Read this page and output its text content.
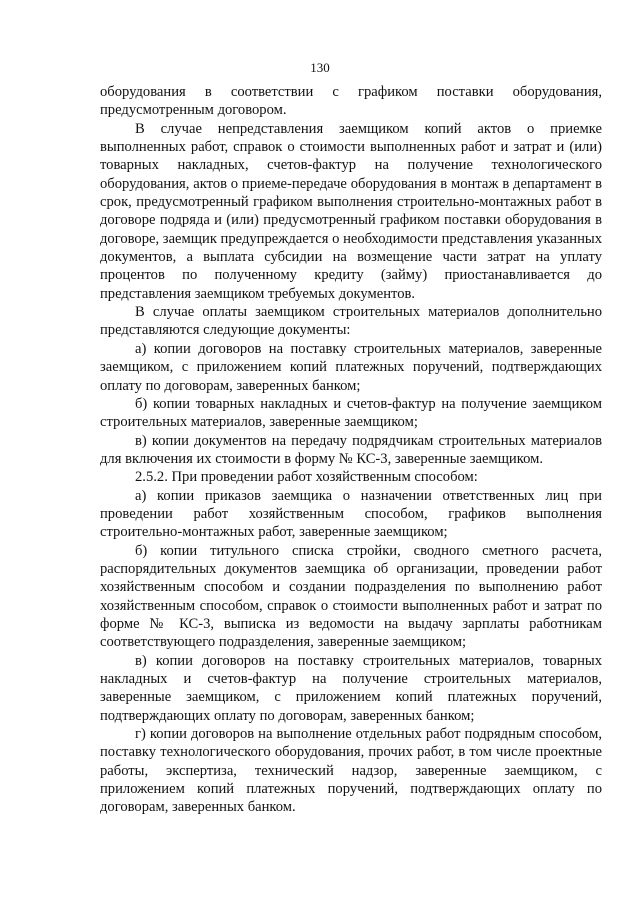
130

оборудования в соответствии с графиком поставки оборудования, предусмотренным договором.

В случае непредставления заемщиком копий актов о приемке выполненных работ, справок о стоимости выполненных работ и затрат и (или) товарных накладных, счетов-фактур на получение технологического оборудования, актов о приеме-передаче оборудования в монтаж в департамент в срок, предусмотренный графиком выполнения строительно-монтажных работ в договоре подряда и (или) предусмотренный графиком поставки оборудования в договоре, заемщик предупреждается о необходимости представления указанных документов, а выплата субсидии на возмещение части затрат на уплату процентов по полученному кредиту (займу) приостанавливается до представления заемщиком требуемых документов.

В случае оплаты заемщиком строительных материалов дополнительно представляются следующие документы:

а) копии договоров на поставку строительных материалов, заверенные заемщиком, с приложением копий платежных поручений, подтверждающих оплату по договорам, заверенных банком;

б) копии товарных накладных и счетов-фактур на получение заемщиком строительных материалов, заверенные заемщиком;

в) копии документов на передачу подрядчикам строительных материалов для включения их стоимости в форму № КС-3, заверенные заемщиком.

2.5.2. При проведении работ хозяйственным способом:

а) копии приказов заемщика о назначении ответственных лиц при проведении работ хозяйственным способом, графиков выполнения строительно-монтажных работ, заверенные заемщиком;

б) копии титульного списка стройки, сводного сметного расчета, распорядительных документов заемщика об организации, проведении работ хозяйственным способом и создании подразделения по выполнению работ хозяйственным способом, справок о стоимости выполненных работ и затрат по форме № КС-3, выписка из ведомости на выдачу зарплаты работникам соответствующего подразделения, заверенные заемщиком;

в) копии договоров на поставку строительных материалов, товарных накладных и счетов-фактур на получение строительных материалов, заверенные заемщиком, с приложением копий платежных поручений, подтверждающих оплату по договорам, заверенных банком;

г) копии договоров на выполнение отдельных работ подрядным способом, поставку технологического оборудования, прочих работ, в том числе проектные работы, экспертиза, технический надзор, заверенные заемщиком, с приложением копий платежных поручений, подтверждающих оплату по договорам, заверенных банком.
